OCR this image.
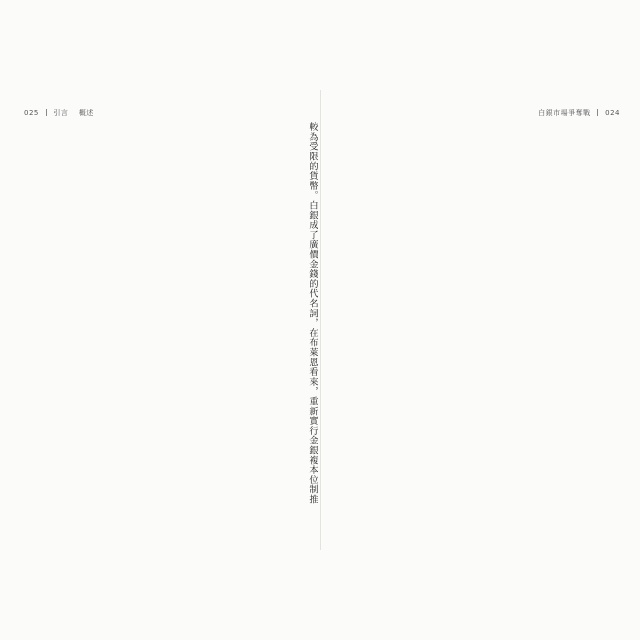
025 引言 概述
較為受限的貨幣。白銀成了廣價金錢的代名詞，在布萊恩看來，重新實行金銀複本位制推
白銀市場爭奪戰 024
